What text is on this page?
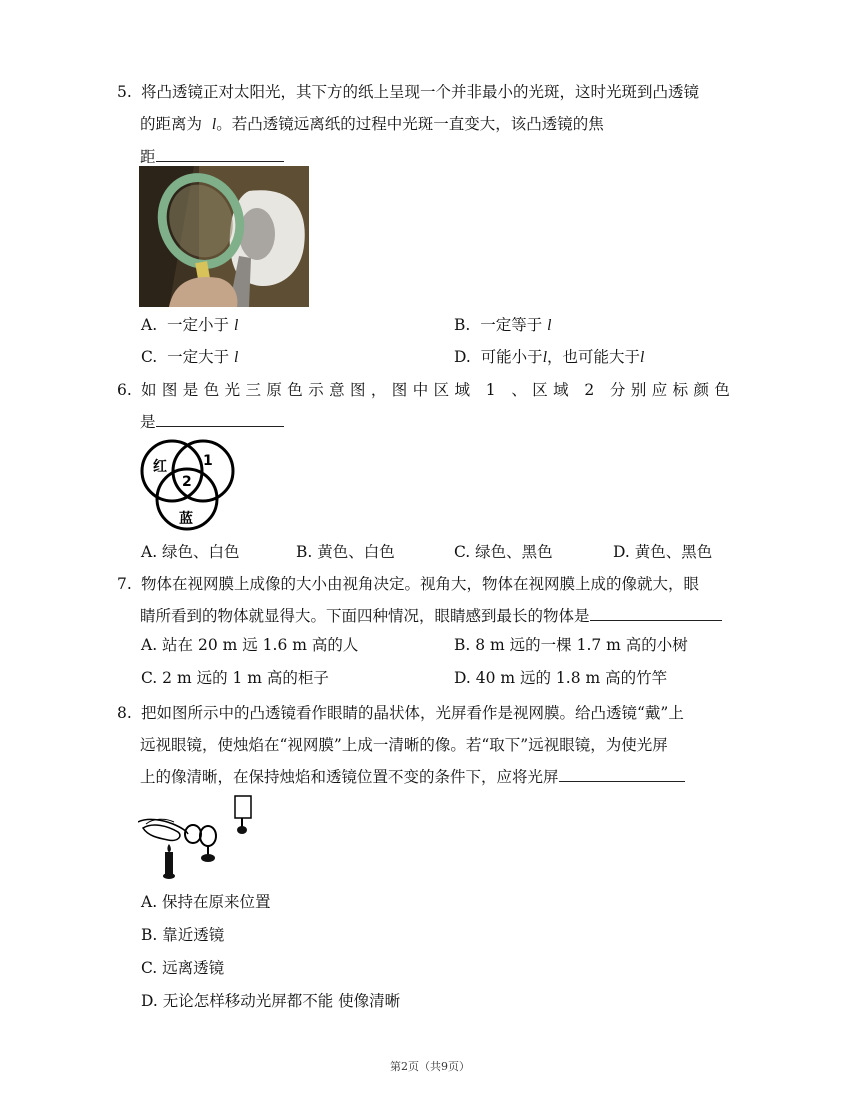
5. 将凸透镜正对太阳光，其下方的纸上呈现一个并非最小的光斑，这时光斑到凸透镜
的距离为 l。若凸透镜远离纸的过程中光斑一直变大，该凸透镜的焦
距
A. 一定小于 l	B. 一定等于 l
C. 一定大于 l	D. 可能小于l，也可能大于l
6. 如图是色光三原色示意图，图中区域 1 、区域 2 分别应标颜色
是
红	1
2
蓝
A. 绿色、白色	B. 黄色、白色	C. 绿色、黑色	D. 黄色、黑色
7. 物体在视网膜上成像的大小由视角决定。视角大，物体在视网膜上成的像就大，眼
睛所看到的物体就显得大。下面四种情况，眼睛感到最长的物体是
A. 站在 20 m 远 1.6 m 高的人	B. 8 m 远的一棵 1.7 m 高的小树
C. 2 m 远的 1 m 高的柜子	D. 40 m 远的 1.8 m 高的竹竿
8. 把如图所示中的凸透镜看作眼睛的晶状体，光屏看作是视网膜。给凸透镜“戴”上
远视眼镜，使烛焰在“视网膜”上成一清晰的像。若“取下”远视眼镜，为使光屏
上的像清晰，在保持烛焰和透镜位置不变的条件下，应将光屏
A. 保持在原来位置
B. 靠近透镜
C. 远离透镜
D. 无论怎样移动光屏都不能 使像清晰
第2页（共9页）
